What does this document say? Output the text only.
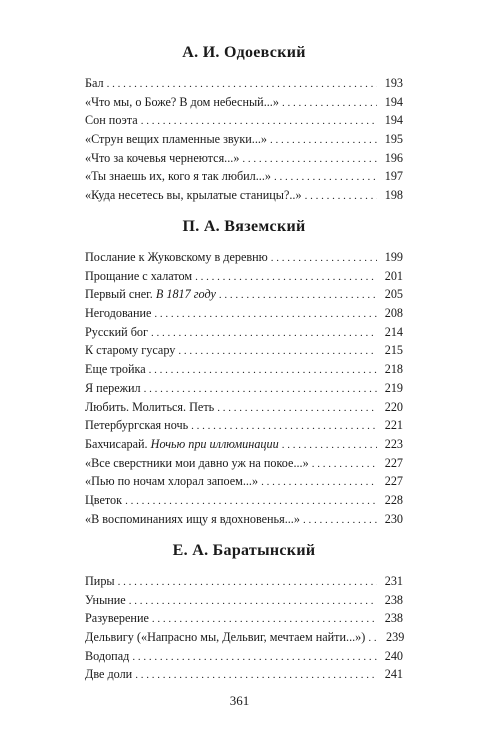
А. И. Одоевский
Бал . . .	193
«Что мы, о Боже? В дом небесный...» . . .	194
Сон поэта . . .	194
«Струн вещих пламенные звуки...» . . .	195
«Что за кочевья чернеются...» . . .	196
«Ты знаешь их, кого я так любил...» . . .	197
«Куда несетесь вы, крылатые станицы?..» . . .	198
П. А. Вяземский
Послание к Жуковскому в деревню . . .	199
Прощание с халатом . . .	201
Первый снег. В 1817 году . . .	205
Негодование . . .	208
Русский бог . . .	214
К старому гусару . . .	215
Еще тройка . . .	218
Я пережил . . .	219
Любить. Молиться. Петь . . .	220
Петербургская ночь . . .	221
Бахчисарай. Ночью при иллюминации . . .	223
«Все сверстники мои давно уж на покое...» . . .	227
«Пью по ночам хлорал запоем...» . . .	227
Цветок . . .	228
«В воспоминаниях ищу я вдохновенья...» . . .	230
Е. А. Баратынский
Пиры . . .	231
Уныние . . .	238
Разуверение . . .	238
Дельвигу («Напрасно мы, Дельвиг, мечтаем найти...») . . .	239
Водопад . . .	240
Две доли . . .	241
361
